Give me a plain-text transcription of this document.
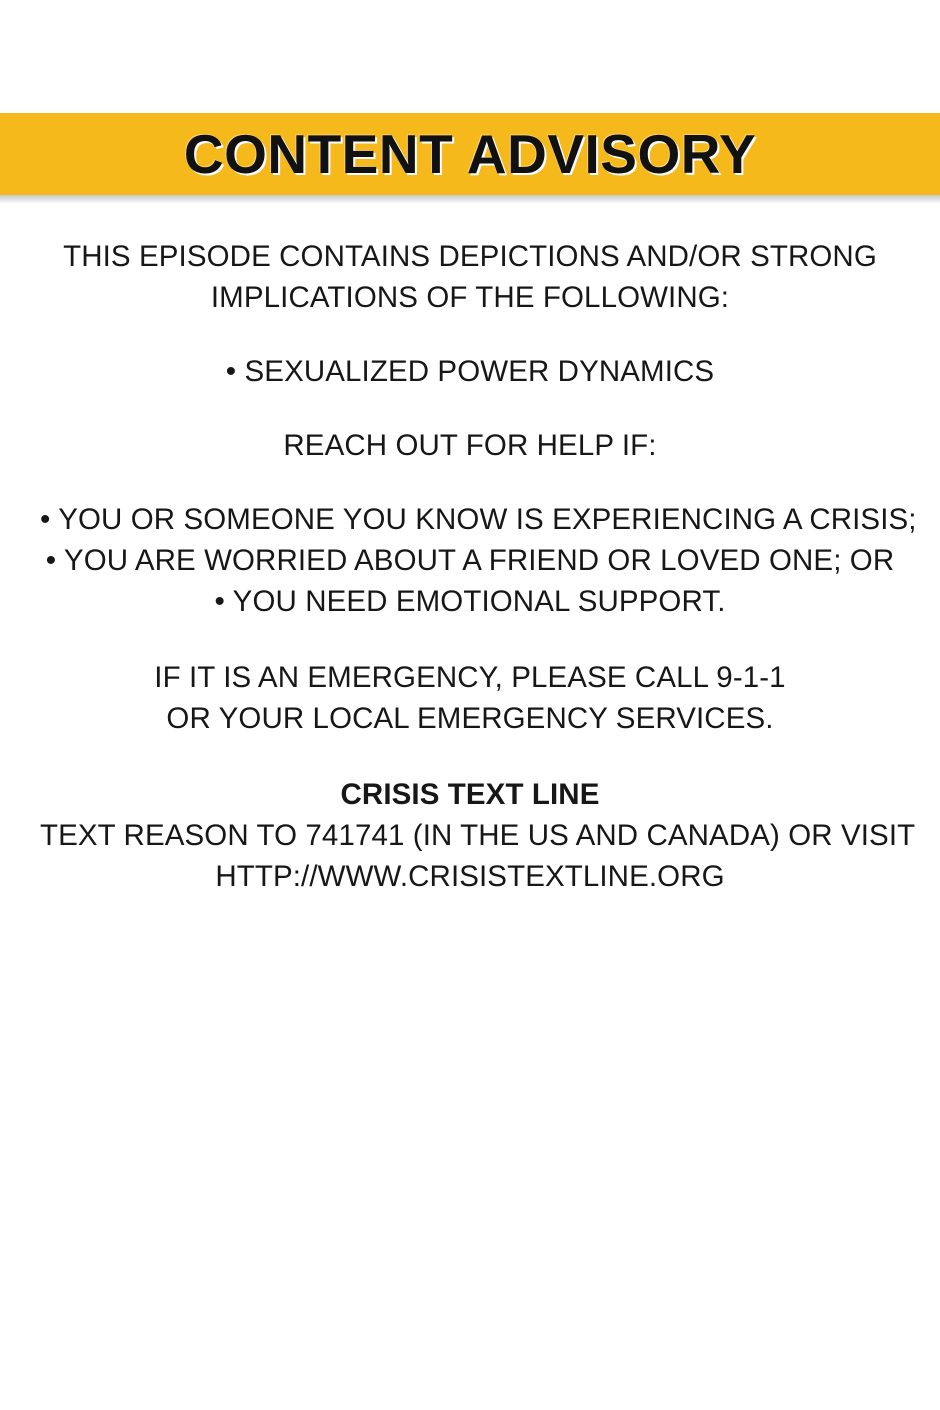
CONTENT ADVISORY

THIS EPISODE CONTAINS DEPICTIONS AND/OR STRONG
IMPLICATIONS OF THE FOLLOWING:

• SEXUALIZED POWER DYNAMICS

REACH OUT FOR HELP IF:

• YOU OR SOMEONE YOU KNOW IS EXPERIENCING A CRISIS;
• YOU ARE WORRIED ABOUT A FRIEND OR LOVED ONE; OR
• YOU NEED EMOTIONAL SUPPORT.

IF IT IS AN EMERGENCY, PLEASE CALL 9-1-1
OR YOUR LOCAL EMERGENCY SERVICES.

CRISIS TEXT LINE

TEXT REASON TO 741741 (IN THE US AND CANADA) OR VISIT
HTTP://WWW.CRISISTEXTLINE.ORG
